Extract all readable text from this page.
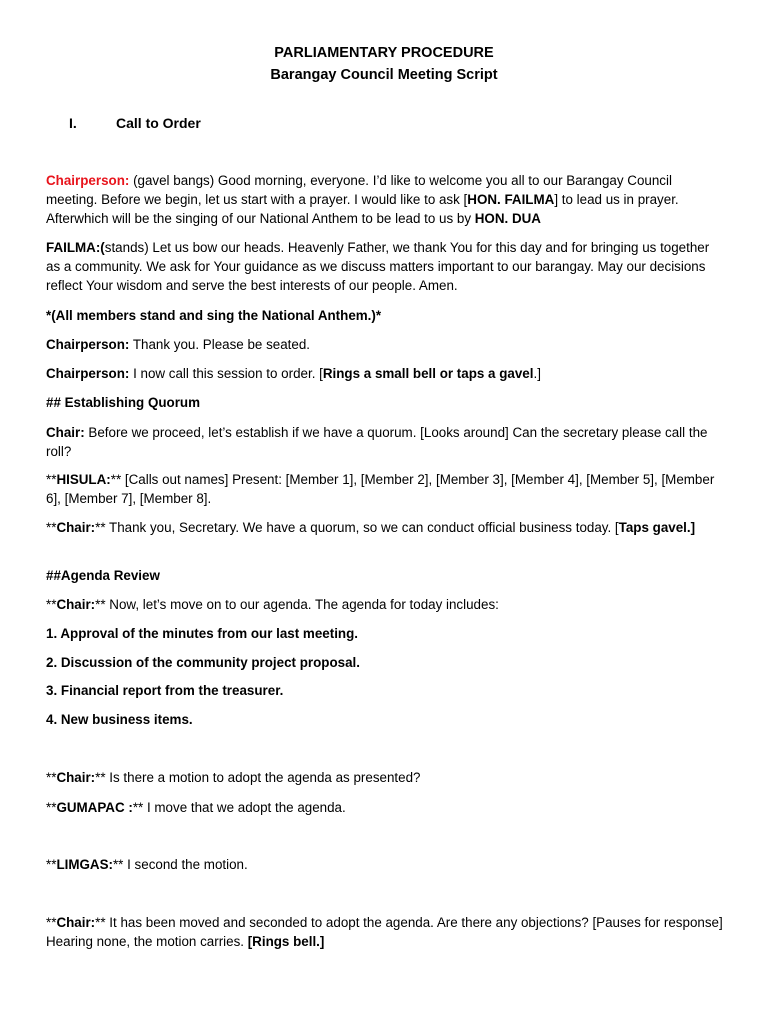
PARLIAMENTARY PROCEDURE
Barangay Council Meeting Script
I.	Call to Order
Chairperson: (gavel bangs) Good morning, everyone. I’d like to welcome you all to our Barangay Council meeting. Before we begin, let us start with a prayer. I would like to ask [HON. FAILMA] to lead us in prayer. Afterwhich will be the singing of our National Anthem to be lead to us by HON. DUA
FAILMA:(stands) Let us bow our heads. Heavenly Father, we thank You for this day and for bringing us together as a community. We ask for Your guidance as we discuss matters important to our barangay. May our decisions reflect Your wisdom and serve the best interests of our people. Amen.
*(All members stand and sing the National Anthem.)*
Chairperson: Thank you. Please be seated.
Chairperson: I now call this session to order. [Rings a small bell or taps a gavel.]
## Establishing Quorum
Chair: Before we proceed, let’s establish if we have a quorum. [Looks around] Can the secretary please call the roll?
**HISULA:** [Calls out names] Present: [Member 1], [Member 2], [Member 3], [Member 4], [Member 5], [Member 6], [Member 7], [Member 8].
**Chair:** Thank you, Secretary. We have a quorum, so we can conduct official business today. [Taps gavel.]
##Agenda Review
**Chair:** Now, let’s move on to our agenda. The agenda for today includes:
1. Approval of the minutes from our last meeting.
2. Discussion of the community project proposal.
3. Financial report from the treasurer.
4. New business items.
**Chair:** Is there a motion to adopt the agenda as presented?
**GUMAPAC :** I move that we adopt the agenda.
**LIMGAS:** I second the motion.
**Chair:** It has been moved and seconded to adopt the agenda. Are there any objections? [Pauses for response] Hearing none, the motion carries. [Rings bell.]
